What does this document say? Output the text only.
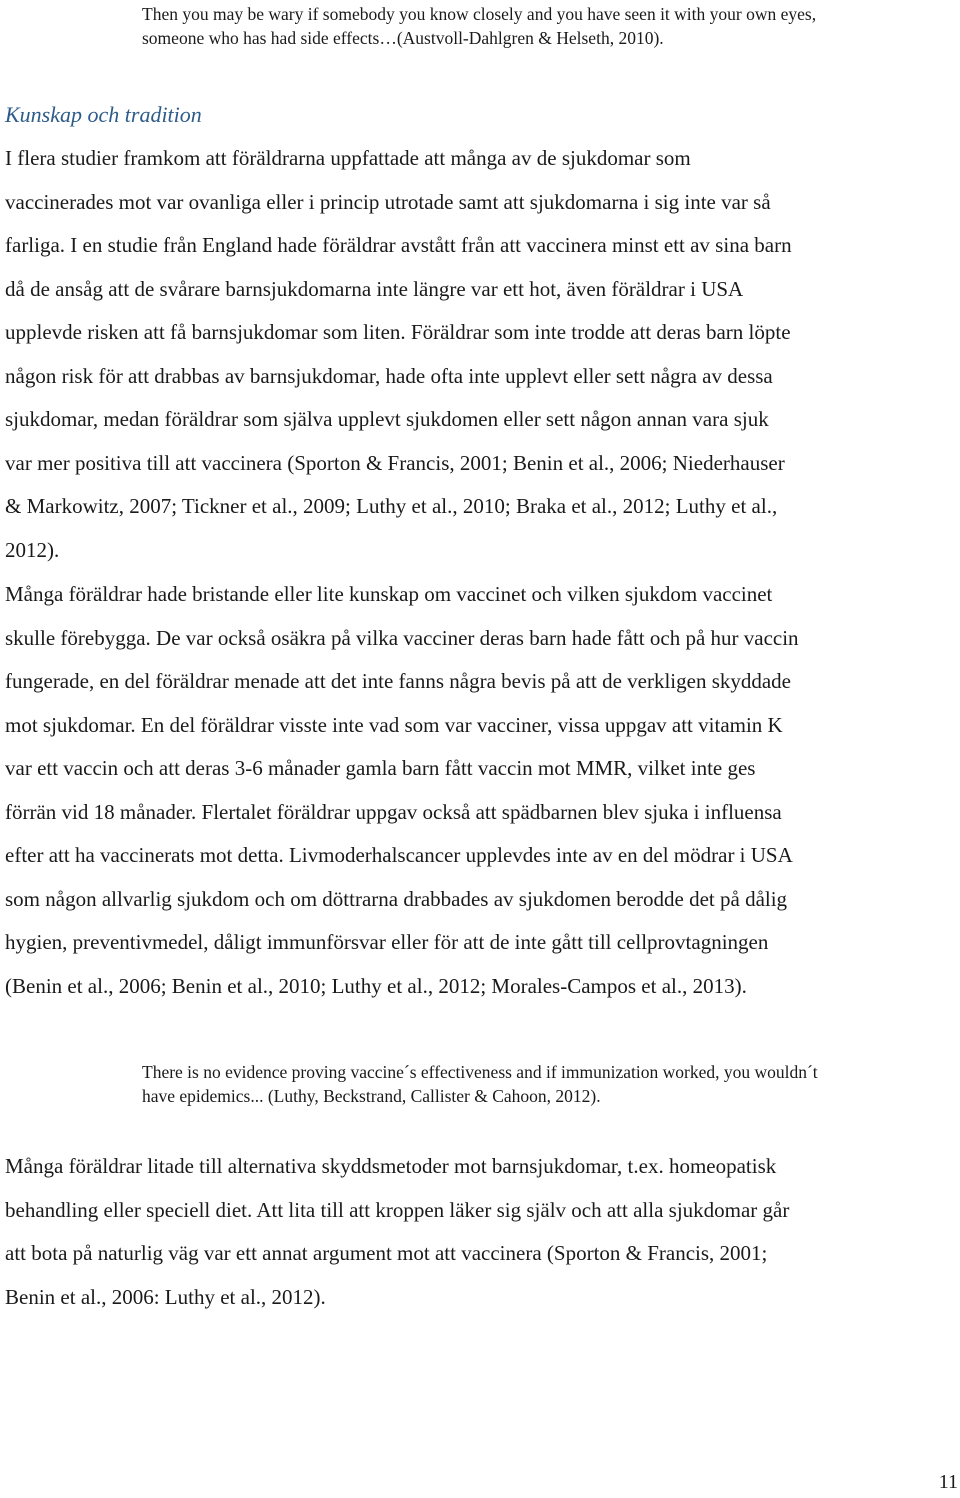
Then you may be wary if somebody you know closely and you have seen it with your own eyes,
someone who has had side effects…(Austvoll-Dahlgren & Helseth, 2010).

Kunskap och tradition

I flera studier framkom att föräldrarna uppfattade att många av de sjukdomar som
vaccinerades mot var ovanliga eller i princip utrotade samt att sjukdomarna i sig inte var så
farliga. I en studie från England hade föräldrar avstått från att vaccinera minst ett av sina barn
då de ansåg att de svårare barnsjukdomarna inte längre var ett hot, även föräldrar i USA
upplevde risken att få barnsjukdomar som liten. Föräldrar som inte trodde att deras barn löpte
någon risk för att drabbas av barnsjukdomar, hade ofta inte upplevt eller sett några av dessa
sjukdomar, medan föräldrar som själva upplevt sjukdomen eller sett någon annan vara sjuk
var mer positiva till att vaccinera (Sporton & Francis, 2001; Benin et al., 2006; Niederhauser
& Markowitz, 2007; Tickner et al., 2009; Luthy et al., 2010; Braka et al., 2012; Luthy et al.,
2012).

Många föräldrar hade bristande eller lite kunskap om vaccinet och vilken sjukdom vaccinet
skulle förebygga. De var också osäkra på vilka vacciner deras barn hade fått och på hur vaccin
fungerade, en del föräldrar menade att det inte fanns några bevis på att de verkligen skyddade
mot sjukdomar. En del föräldrar visste inte vad som var vacciner, vissa uppgav att vitamin K
var ett vaccin och att deras 3-6 månader gamla barn fått vaccin mot MMR, vilket inte ges
förrän vid 18 månader. Flertalet föräldrar uppgav också att spädbarnen blev sjuka i influensa
efter att ha vaccinerats mot detta. Livmoderhalscancer upplevdes inte av en del mödrar i USA
som någon allvarlig sjukdom och om döttrarna drabbades av sjukdomen berodde det på dålig
hygien, preventivmedel, dåligt immunförsvar eller för att de inte gått till cellprovtagningen
(Benin et al., 2006; Benin et al., 2010; Luthy et al., 2012; Morales-Campos et al., 2013).

There is no evidence proving vaccine´s effectiveness and if immunization worked, you wouldn´t
have epidemics... (Luthy, Beckstrand, Callister & Cahoon, 2012).

Många föräldrar litade till alternativa skyddsmetoder mot barnsjukdomar, t.ex. homeopatisk
behandling eller speciell diet. Att lita till att kroppen läker sig själv och att alla sjukdomar går
att bota på naturlig väg var ett annat argument mot att vaccinera (Sporton & Francis, 2001;
Benin et al., 2006: Luthy et al., 2012).

11
